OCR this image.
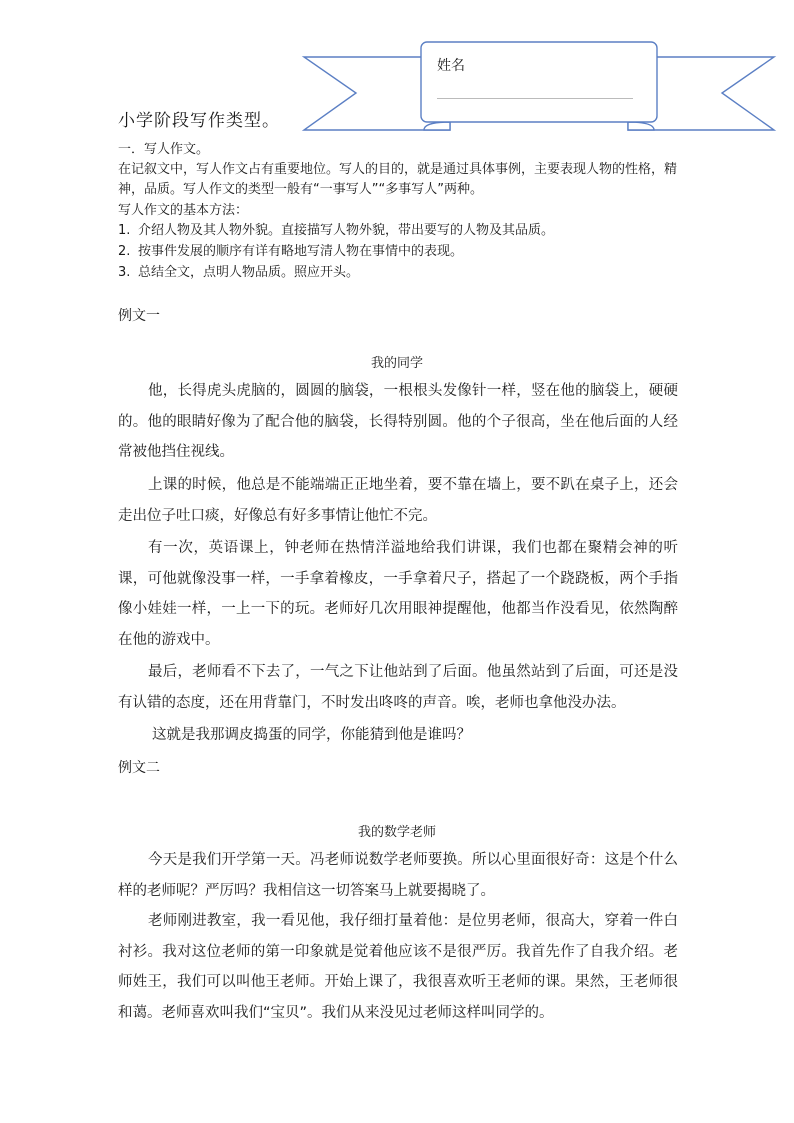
姓名
小学阶段写作类型。
一．写人作文。
在记叙文中，写人作文占有重要地位。写人的目的，就是通过具体事例，主要表现人物的性格，精神，品质。写人作文的类型一般有“一事写人”“多事写人”两种。
写人作文的基本方法：
1. 介绍人物及其人物外貌。直接描写人物外貌，带出要写的人物及其品质。
2. 按事件发展的顺序有详有略地写清人物在事情中的表现。
3. 总结全文，点明人物品质。照应开头。
例文一
我的同学
他，长得虎头虎脑的，圆圆的脑袋，一根根头发像针一样，竖在他的脑袋上，硬硬的。他的眼睛好像为了配合他的脑袋，长得特别圆。他的个子很高，坐在他后面的人经常被他挡住视线。
上课的时候，他总是不能端端正正地坐着，要不靠在墙上，要不趴在桌子上，还会走出位子吐口痰，好像总有好多事情让他忙不完。
有一次，英语课上，钟老师在热情洋溢地给我们讲课，我们也都在聚精会神的听课，可他就像没事一样，一手拿着橡皮，一手拿着尺子，搭起了一个跷跷板，两个手指像小娃娃一样，一上一下的玩。老师好几次用眼神提醒他，他都当作没看见，依然陶醉在他的游戏中。
最后，老师看不下去了，一气之下让他站到了后面。他虽然站到了后面，可还是没有认错的态度，还在用背靠门，不时发出咚咚的声音。唉，老师也拿他没办法。
这就是我那调皮捣蛋的同学，你能猜到他是谁吗？
例文二
我的数学老师
今天是我们开学第一天。冯老师说数学老师要换。所以心里面很好奇：这是个什么样的老师呢？严厉吗？我相信这一切答案马上就要揭晓了。
老师刚进教室，我一看见他，我仔细打量着他：是位男老师，很高大，穿着一件白衬衫。我对这位老师的第一印象就是觉着他应该不是很严厉。我首先作了自我介绍。老师姓王，我们可以叫他王老师。开始上课了，我很喜欢听王老师的课。果然，王老师很和蔼。老师喜欢叫我们“宝贝”。我们从来没见过老师这样叫同学的。
